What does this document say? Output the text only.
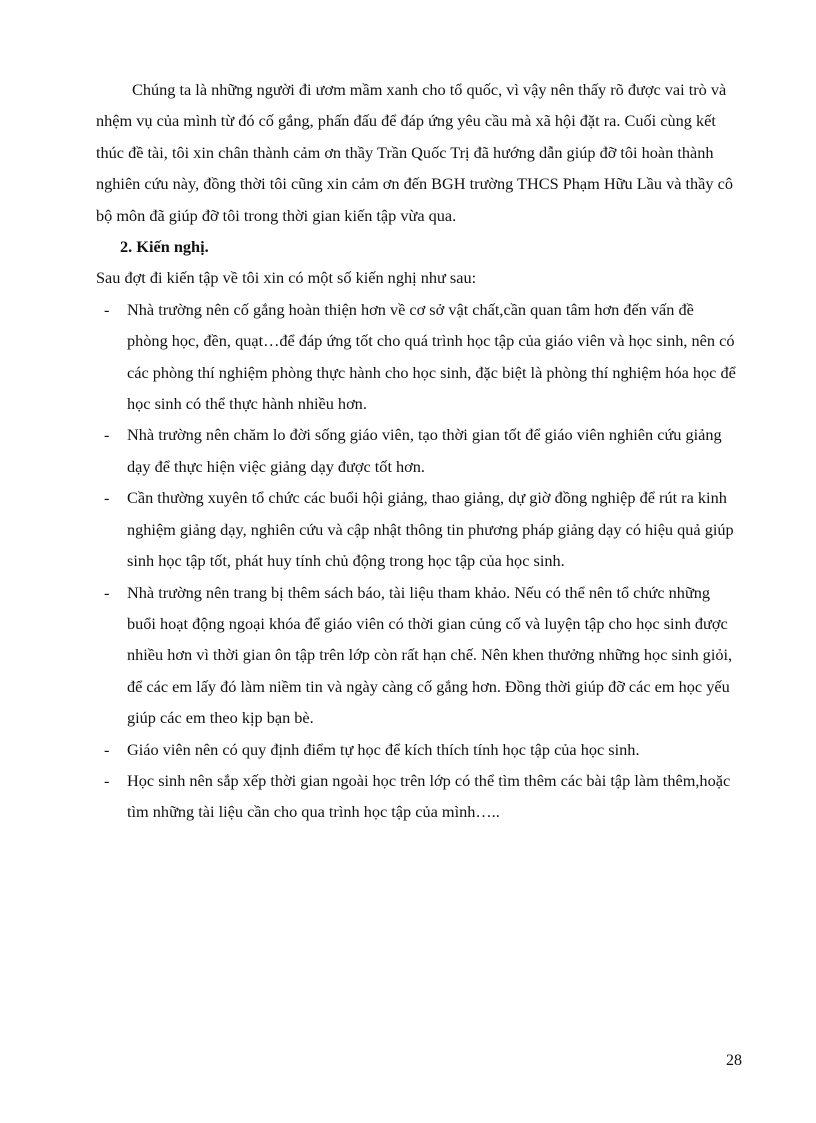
Chúng ta là những người đi ươm mầm xanh cho tổ quốc, vì vậy nên thấy rõ được vai trò và nhệm vụ của mình từ đó cố gắng, phấn đấu để đáp ứng yêu cầu mà xã hội đặt ra. Cuối cùng kết thúc đề tài, tôi xin chân thành cảm ơn thầy Trần Quốc Trị đã hướng dẫn giúp đỡ tôi hoàn thành nghiên cứu này, đồng thời tôi cũng xin cảm ơn đến BGH trường THCS Phạm Hữu Lầu và thầy cô bộ môn đã giúp đỡ tôi trong thời gian kiến tập vừa qua.

2. Kiến nghị.

Sau đợt đi kiến tập về tôi xin có một số kiến nghị như sau:

- Nhà trường nên cố gắng hoàn thiện hơn về cơ sở vật chất,cần quan tâm hơn đến vấn đề phòng học, đền, quạt…để đáp ứng tốt cho quá trình học tập của giáo viên và học sinh, nên có các phòng thí nghiệm phòng thực hành cho học sinh, đặc biệt là phòng thí nghiệm hóa học để học sinh có thể thực hành nhiều hơn.
- Nhà trường nên chăm lo đời sống giáo viên, tạo thời gian tốt để giáo viên nghiên cứu giảng dạy để thực hiện việc giảng dạy được tốt hơn.
- Cần thường xuyên tổ chức các buổi hội giảng, thao giảng, dự giờ đồng nghiệp để rút ra kinh nghiệm giảng dạy, nghiên cứu và cập nhật thông tin phương pháp giảng dạy có hiệu quả giúp sinh học tập tốt, phát huy tính chủ động trong học tập của học sinh.
- Nhà trường nên trang bị thêm sách báo, tài liệu tham khảo. Nếu có thể nên tổ chức những buổi hoạt động ngoại khóa để giáo viên có thời gian củng cố và luyện tập cho học sinh được nhiều hơn vì thời gian ôn tập trên lớp còn rất hạn chế. Nên khen thưởng những học sinh giỏi, để các em lấy đó làm niềm tin và ngày càng cố gắng hơn. Đồng thời giúp đỡ các em học yếu giúp các em theo kịp bạn bè.
- Giáo viên nên có quy định điểm tự học để kích thích tính học tập của học sinh.
- Học sinh nên sắp xếp thời gian ngoài học trên lớp có thể tìm thêm các bài tập làm thêm,hoặc tìm những tài liệu cần cho qua trình học tập của mình…..
28
